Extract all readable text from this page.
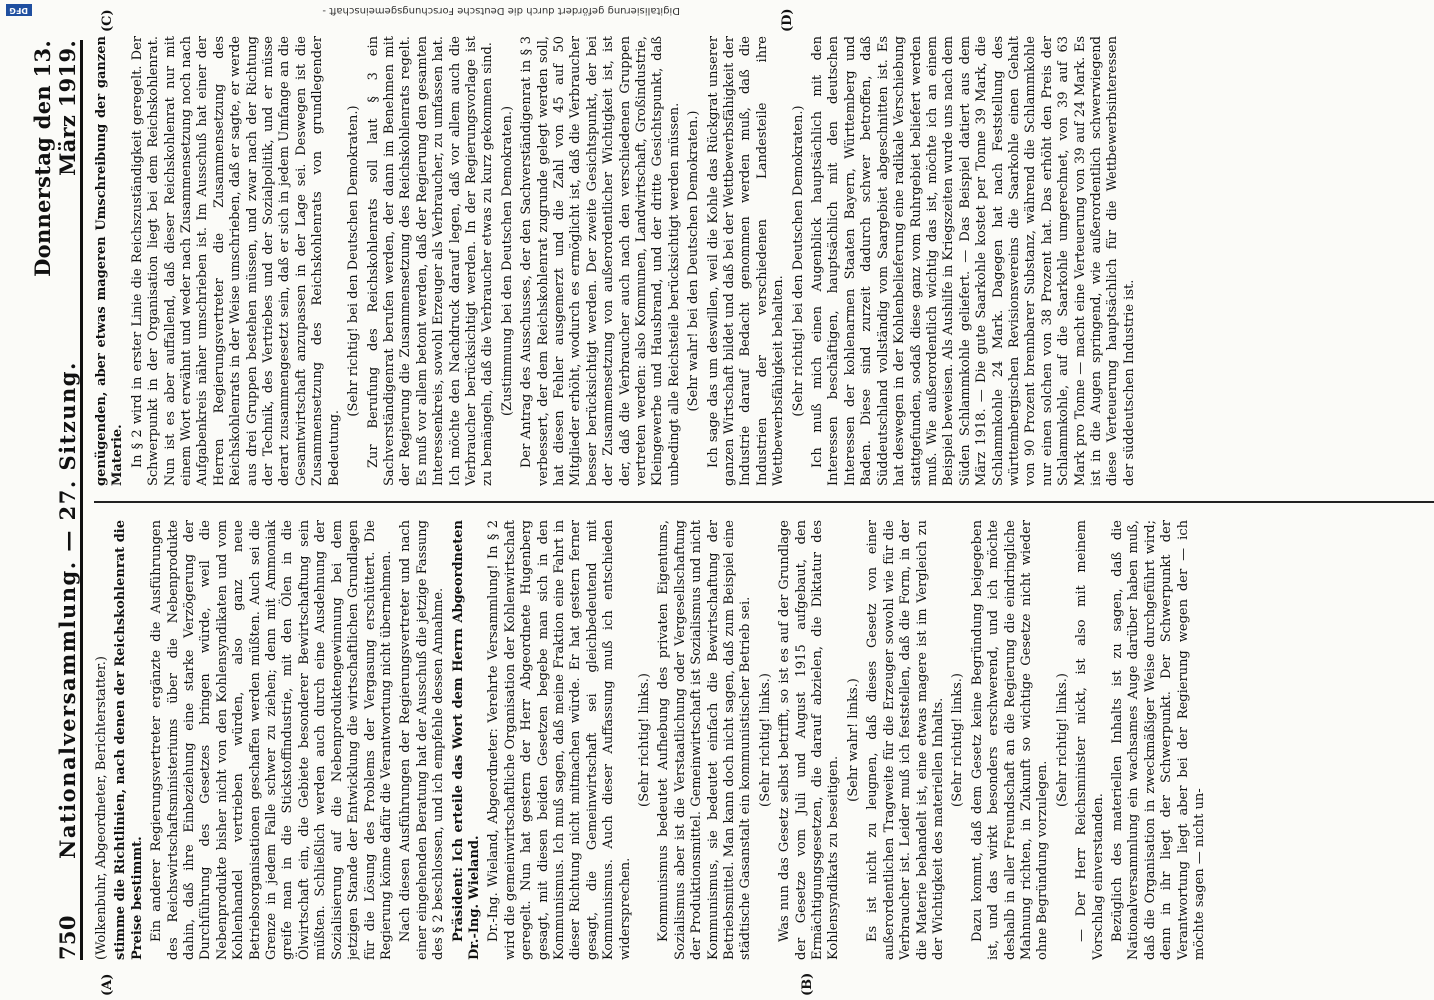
750
Nationalversammlung. — 27. Sitzung.
Donnerstag den 13. März 1919.
(A)	(B)
(C)	(D)

(Wolkenbuhr, Abgeordneter, Berichterstatter.) stimme die Richtlinien, nach denen der Reichskohlenrat die Preise bestimmt. Ein anderer Regierungsvertreter ergänzte die Ausführungen des Reichswirtschaftsministeriums über die Nebenprodukte dahin, daß ihre Einbeziehung eine starke Verzögerung der Durchführung des Gesetzes bringen würde, weil die Nebenprodukte bisher nicht von den Kohlensyndikaten und vom Kohlenhandel vertrieben würden, also ganz neue Betriebsorganisationen geschaffen werden müßten. Auch sei die Grenze in jedem Falle schwer zu ziehen; denn mit Ammoniak greife man in die Stickstoffindustrie, mit den Ölen in die Ölwirtschaft ein, die Gebiete besonderer Bewirtschaftung sein müßten. Schließlich werden auch durch eine Ausdehnung der Sozialisierung auf die Nebenproduktengewinnung bei dem jetzigen Stande der Entwicklung die wirtschaftlichen Grundlagen für die Lösung des Problems der Vergasung erschüttert. Die Regierung könne dafür die Verantwortung nicht übernehmen. Nach diesen Ausführungen der Regierungsvertreter und nach einer eingehenden Beratung hat der Ausschuß die jetzige Fassung des § 2 beschlossen, und ich empfehle dessen Annahme. Präsident: Ich erteile das Wort dem Herrn Abgeordneten Dr.-Ing. Wieland. Dr.-Ing. Wieland, Abgeordneter: Verehrte Versammlung! In § 2 wird die gemeinwirtschaftliche Organisation der Kohlenwirtschaft geregelt. Nun hat gestern der Herr Abgeordnete Hugenberg gesagt, mit diesen beiden Gesetzen begebe man sich in den Kommunismus. Ich muß sagen, daß meine Fraktion eine Fahrt in dieser Richtung nicht mitmachen würde. Er hat gestern ferner gesagt, die Gemeinwirtschaft sei gleichbedeutend mit Kommunismus. Auch dieser Auffassung muß ich entschieden widersprechen.

(Sehr richtig! links.) Kommunismus bedeutet Aufhebung des privaten Eigentums, Sozialismus aber ist die Verstaatlichung oder Vergesellschaftung der Produktionsmittel. Gemeinwirtschaft ist Sozialismus und nicht Kommunismus, sie bedeutet einfach die Bewirtschaftung der Betriebsmittel. Man kann doch nicht sagen, daß zum Beispiel eine städtische Gasanstalt ein kommunistischer Betrieb sei. (Sehr richtig! links.) Was nun das Gesetz selbst betrifft, so ist es auf der Grundlage der Gesetze vom Juli und August 1915 aufgebaut, den Ermächtigungsgesetzen, die darauf abzielen, die Diktatur des Kohlensyndikats zu beseitigen.

(Sehr wahr! links.) Es ist nicht zu leugnen, daß dieses Gesetz von einer außerordentlichen Tragweite für die Erzeuger sowohl wie für die Verbraucher ist. Leider muß ich feststellen, daß die Form, in der die Materie behandelt ist, eine etwas magere ist im Vergleich zu der Wichtigkeit des materiellen Inhalts. (Sehr richtig! links.) Dazu kommt, daß dem Gesetz keine Begründung beigegeben ist, und das wirkt besonders erschwerend, und ich möchte deshalb in aller Freundschaft an die Regierung die eindringliche Mahnung richten, in Zukunft so wichtige Gesetze nicht wieder ohne Begründung vorzulegen.

(Sehr richtig! links.) — Der Herr Reichsminister nickt, ist also mit meinem Vorschlag einverstanden. Bezüglich des materiellen Inhalts ist zu sagen, daß die Nationalversammlung ein wachsames Auge darüber haben muß, daß die Organisation in zweckmäßiger Weise durchgeführt wird; denn in ihr liegt der Schwerpunkt. Der Schwerpunkt der Verantwortung liegt aber bei der Regierung wegen der — ich möchte sagen — nicht un-

genügenden, aber etwas mageren Umschreibung der ganzen Materie. In § 2 wird in erster Linie die Reichszuständigkeit geregelt. Der Schwerpunkt in der Organisation liegt bei dem Reichskohlenrat. Nun ist es aber auffallend, daß dieser Reichskohlenrat nur mit einem Wort erwähnt und weder nach Zusammensetzung noch nach Aufgabenkreis näher umschrieben ist. Im Ausschuß hat einer der Herren Regierungsvertreter die Zusammensetzung des Reichskohlenrats in der Weise umschrieben, daß er sagte, er werde aus drei Gruppen bestehen müssen, und zwar nach der Richtung der Technik, des Vertriebes und der Sozialpolitik, und er müsse derart zusammengesetzt sein, daß er sich in jedem Umfange an die Gesamtwirtschaft anzupassen in der Lage sei. Deswegen ist die Zusammensetzung des Reichskohlenrats von grundlegender Bedeutung.

(Sehr richtig! bei den Deutschen Demokraten.) Zur Berufung des Reichskohlenrats soll laut § 3 ein Sachverständigenrat berufen werden, der dann im Benehmen mit der Regierung die Zusammensetzung des Reichskohlenrats regelt. Es muß vor allem betont werden, daß der Regierung den gesamten Interessenkreis, sowohl Erzeuger als Verbraucher, zu umfassen hat. Ich möchte den Nachdruck darauf legen, daß vor allem auch die Verbraucher berücksichtigt werden. In der Regierungsvorlage ist zu bemängeln, daß die Verbraucher etwas zu kurz gekommen sind. (Zustimmung bei den Deutschen Demokraten.) Der Antrag des Ausschusses, der den Sachverständigenrat in § 3 verbessert, der dem Reichskohlenrat zugrunde gelegt werden soll, hat diesen Fehler ausgemerzt und die Zahl von 45 auf 50 Mitglieder erhöht, wodurch es ermöglicht ist, daß die Verbraucher besser berücksichtigt werden. Der zweite Gesichtspunkt, der bei der Zusammensetzung von außerordentlicher Wichtigkeit ist, ist der, daß die Verbraucher auch nach den verschiedenen Gruppen vertreten werden: also Kommunen, Landwirtschaft, Großindustrie, Kleingewerbe und Hausbrand, und der dritte Gesichtspunkt, daß unbedingt alle Reichsteile berücksichtigt werden müssen. (Sehr wahr! bei den Deutschen Demokraten.) Ich sage das um deswillen, weil die Kohle das Rückgrat unserer ganzen Wirtschaft bildet und daß bei der Wettbewerbsfähigkeit der Industrie darauf Bedacht genommen werden muß, daß die Industrien der verschiedenen Landesteile ihre Wettbewerbsfähigkeit behalten. (Sehr richtig! bei den Deutschen Demokraten.) Ich muß mich einen Augenblick hauptsächlich mit den Interessen beschäftigen, hauptsächlich mit den deutschen Interessen der kohlenarmen Staaten Bayern, Württemberg und Baden. Diese sind zurzeit dadurch schwer betroffen, daß Süddeutschland vollständig vom Saargebiet abgeschnitten ist. Es hat deswegen in der Kohlenbelieferung eine radikale Verschiebung stattgefunden, sodaß diese ganz vom Ruhrgebiet beliefert werden muß. Wie außerordentlich wichtig das ist, möchte ich an einem Beispiel beweisen. Als Aushilfe in Kriegszeiten wurde uns nach dem Süden Schlammkohle geliefert. — Das Beispiel datiert aus dem März 1918. — Die gute Saarkohle kostet per Tonne 39 Mark, die Schlammkohle 24 Mark. Dagegen hat nach Feststellung des württembergischen Revisionsvereins die Saarkohle einen Gehalt von 90 Prozent brennbarer Substanz, während die Schlammkohle nur einen solchen von 38 Prozent hat. Das erhöht den Preis der Schlammkohle, auf die Saarkohle umgerechnet, von 39 auf 63 Mark pro Tonne — macht eine Verteuerung von 39 auf 24 Mark. Es ist in die Augen springend, wie außerordentlich schwerwiegend diese Verteuerung hauptsächlich für die Wettbewerbsinteressen der süddeutschen Industrie ist.

DFG	Digitalisierung gefördert durch die Deutsche Forschungsgemeinschaft -
